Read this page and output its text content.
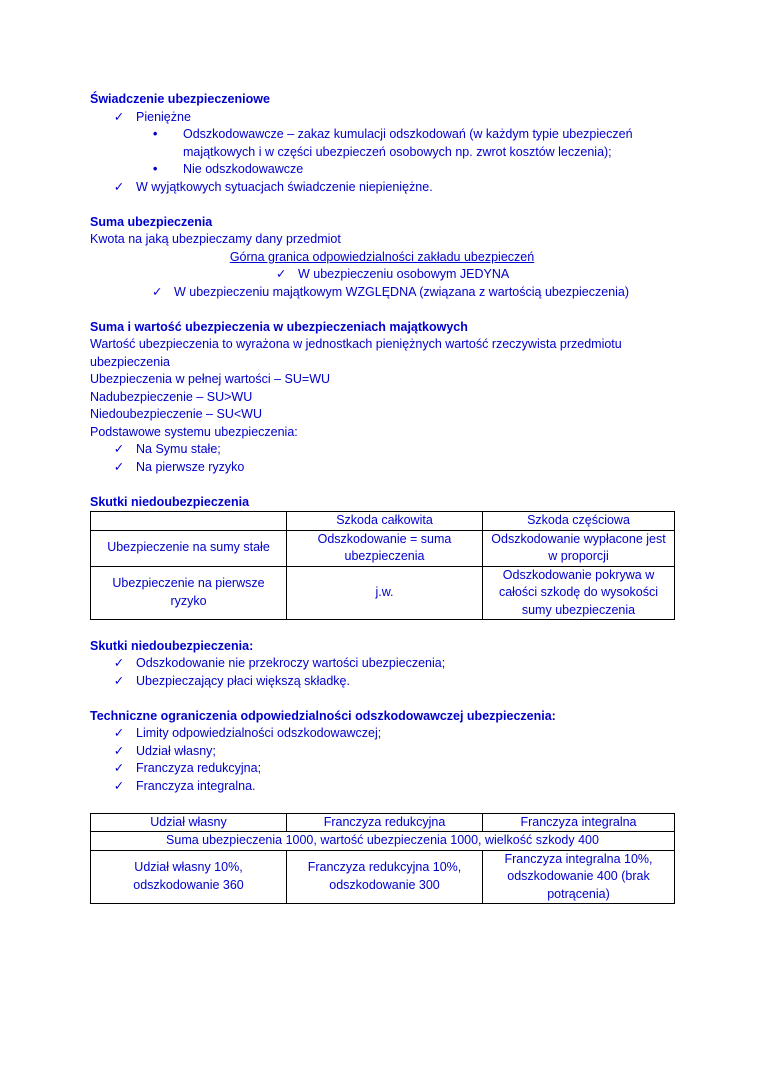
Świadczenie ubezpieczeniowe
✓ Pieniężne
• Odszkodowawcze – zakaz kumulacji odszkodowań (w każdym typie ubezpieczeń majątkowych i w części ubezpieczeń osobowych np. zwrot kosztów leczenia);
• Nie odszkodowawcze
✓ W wyjątkowych sytuacjach świadczenie niepieniężne.
Suma ubezpieczenia
Kwota na jaką ubezpieczamy dany przedmiot
Górna granica odpowiedzialności zakładu ubezpieczeń
✓ W ubezpieczeniu osobowym JEDYNA
✓ W ubezpieczeniu majątkowym WZGLĘDNA (związana z wartością ubezpieczenia)
Suma i wartość ubezpieczenia w ubezpieczeniach majątkowych
Wartość ubezpieczenia to wyrażona w jednostkach pieniężnych wartość rzeczywista przedmiotu
ubezpieczenia
Ubezpieczenia w pełnej wartości – SU=WU
Nadubezpieczenie – SU>WU
Niedoubezpieczenie – SU<WU
Podstawowe systemu ubezpieczenia:
✓ Na Symu stałe;
✓ Na pierwsze ryzyko
Skutki niedoubezpieczenia
	Szkoda całkowita	Szkoda częściowa
Ubezpieczenie na sumy stałe	Odszkodowanie = suma ubezpieczenia	Odszkodowanie wypłacone jest w proporcji
Ubezpieczenie na pierwsze ryzyko	j.w.	Odszkodowanie pokrywa w całości szkodę do wysokości sumy ubezpieczenia
Skutki niedoubezpieczenia:
✓ Odszkodowanie nie przekroczy wartości ubezpieczenia;
✓ Ubezpieczający płaci większą składkę.
Techniczne ograniczenia odpowiedzialności odszkodowawczej ubezpieczenia:
✓ Limity odpowiedzialności odszkodowawczej;
✓ Udział własny;
✓ Franczyza redukcyjna;
✓ Franczyza integralna.
Udział własny	Franczyza redukcyjna	Franczyza integralna
Suma ubezpieczenia 1000, wartość ubezpieczenia 1000, wielkość szkody 400		
Udział własny 10%, odszkodowanie 360	Franczyza redukcyjna 10%, odszkodowanie 300	Franczyza integralna 10%, odszkodowanie 400 (brak potrącenia)
